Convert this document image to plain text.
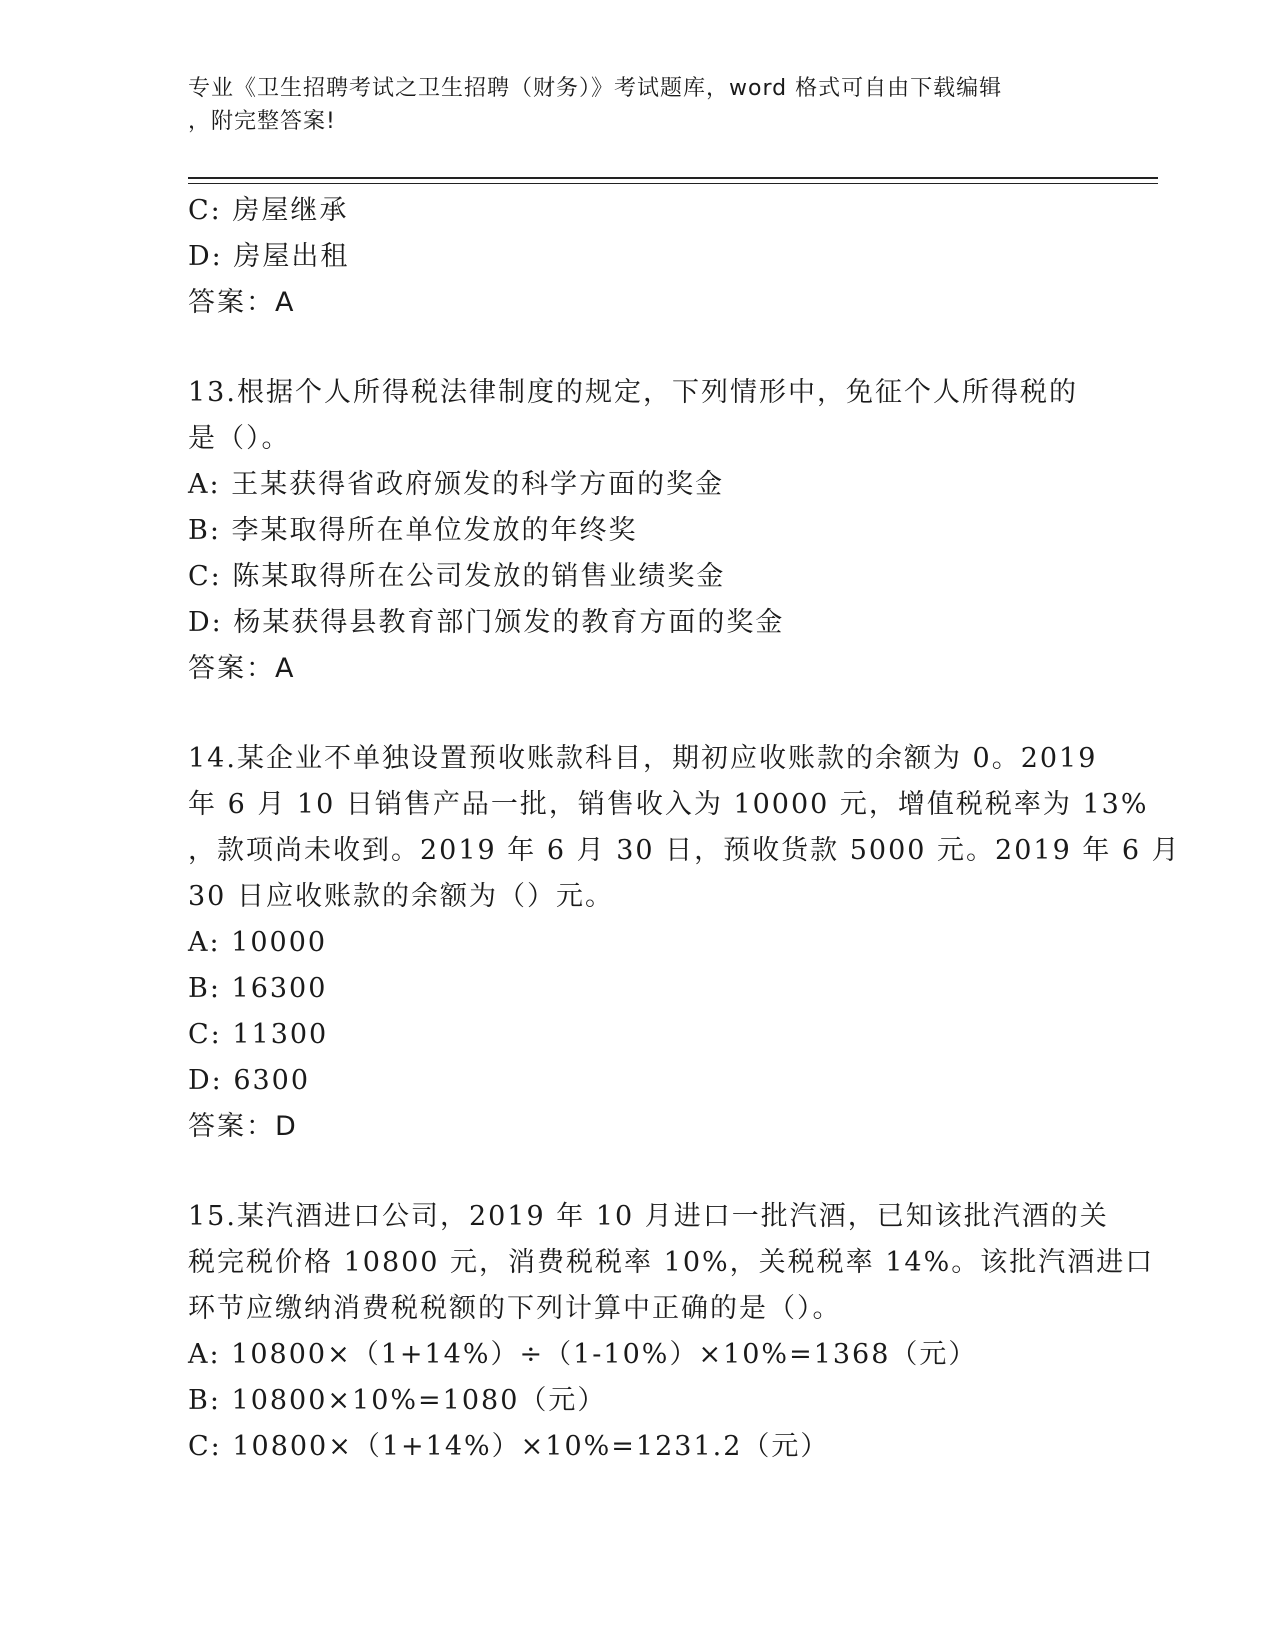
专业《卫生招聘考试之卫生招聘（财务）》考试题库，word 格式可自由下载编辑
，附完整答案!
C: 房屋继承
D: 房屋出租
答案：A
13.根据个人所得税法律制度的规定，下列情形中，免征个人所得税的
是（）。
A: 王某获得省政府颁发的科学方面的奖金
B: 李某取得所在单位发放的年终奖
C: 陈某取得所在公司发放的销售业绩奖金
D: 杨某获得县教育部门颁发的教育方面的奖金
答案：A
14.某企业不单独设置预收账款科目，期初应收账款的余额为 0。2019
年 6 月 10 日销售产品一批，销售收入为 10000 元，增值税税率为 13%
，款项尚未收到。2019 年 6 月 30 日，预收货款 5000 元。2019 年 6 月
30 日应收账款的余额为（）元。
A: 10000
B: 16300
C: 11300
D: 6300
答案：D
15.某汽酒进口公司，2019 年 10 月进口一批汽酒，已知该批汽酒的关
税完税价格 10800 元，消费税税率 10%，关税税率 14%。该批汽酒进口
环节应缴纳消费税税额的下列计算中正确的是（）。
A: 10800×（1+14%）÷（1-10%）×10%=1368（元）
B: 10800×10%=1080（元）
C: 10800×（1+14%）×10%=1231.2（元）
